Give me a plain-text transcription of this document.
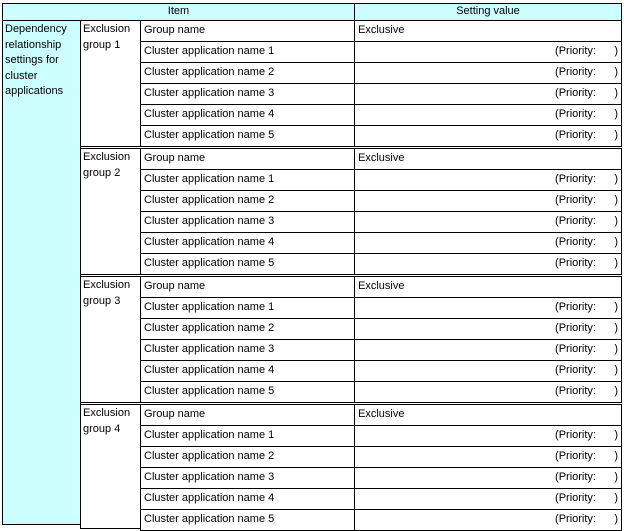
Item	Setting value
Dependency relationship settings for cluster applications
Exclusion group 1
Group name	Exclusive
Cluster application name 1	(Priority: )
Cluster application name 2	(Priority: )
Cluster application name 3	(Priority: )
Cluster application name 4	(Priority: )
Cluster application name 5	(Priority: )
Exclusion group 2
Group name	Exclusive
Cluster application name 1	(Priority: )
Cluster application name 2	(Priority: )
Cluster application name 3	(Priority: )
Cluster application name 4	(Priority: )
Cluster application name 5	(Priority: )
Exclusion group 3
Group name	Exclusive
Cluster application name 1	(Priority: )
Cluster application name 2	(Priority: )
Cluster application name 3	(Priority: )
Cluster application name 4	(Priority: )
Cluster application name 5	(Priority: )
Exclusion group 4
Group name	Exclusive
Cluster application name 1	(Priority: )
Cluster application name 2	(Priority: )
Cluster application name 3	(Priority: )
Cluster application name 4	(Priority: )
Cluster application name 5	(Priority: )
